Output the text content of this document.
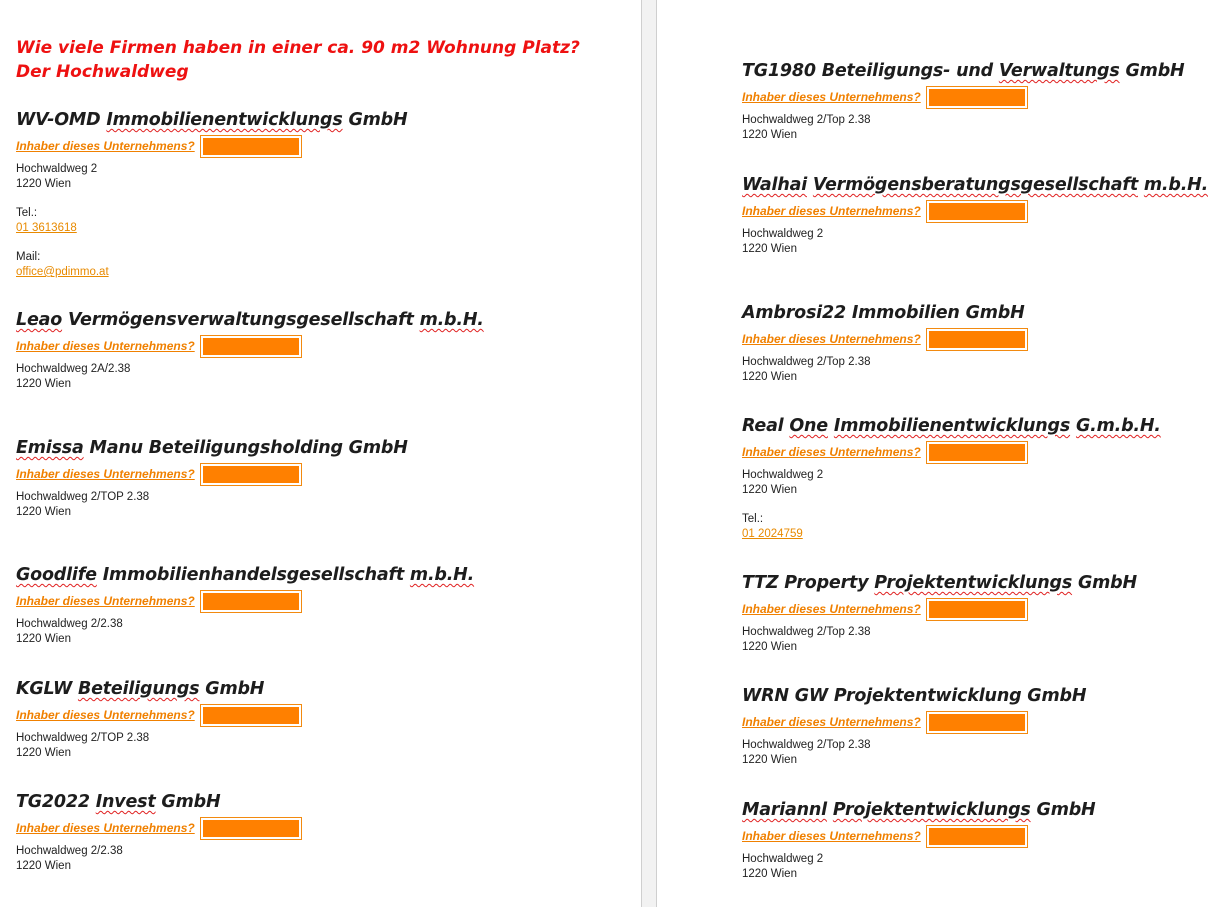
Wie viele Firmen haben in einer ca. 90 m2 Wohnung Platz?
Der Hochwaldweg
WV-OMD Immobilienentwicklungs GmbH
Inhaber dieses Unternehmens?
Hochwaldweg 2
1220 Wien
Tel.:
01 3613618
Mail:
office@pdimmo.at
Leao Vermögensverwaltungsgesellschaft m.b.H.
Inhaber dieses Unternehmens?
Hochwaldweg 2A/2.38
1220 Wien
Emissa Manu Beteiligungsholding GmbH
Inhaber dieses Unternehmens?
Hochwaldweg 2/TOP 2.38
1220 Wien
Goodlife Immobilienhandelsgesellschaft m.b.H.
Inhaber dieses Unternehmens?
Hochwaldweg 2/2.38
1220 Wien
KGLW Beteiligungs GmbH
Inhaber dieses Unternehmens?
Hochwaldweg 2/TOP 2.38
1220 Wien
TG2022 Invest GmbH
Inhaber dieses Unternehmens?
Hochwaldweg 2/2.38
1220 Wien
TG1980 Beteiligungs- und Verwaltungs GmbH
Inhaber dieses Unternehmens?
Hochwaldweg 2/Top 2.38
1220 Wien
Walhai Vermögensberatungsgesellschaft m.b.H.
Inhaber dieses Unternehmens?
Hochwaldweg 2
1220 Wien
Ambrosi22 Immobilien GmbH
Inhaber dieses Unternehmens?
Hochwaldweg 2/Top 2.38
1220 Wien
Real One Immobilienentwicklungs G.m.b.H.
Inhaber dieses Unternehmens?
Hochwaldweg 2
1220 Wien
Tel.:
01 2024759
TTZ Property Projektentwicklungs GmbH
Inhaber dieses Unternehmens?
Hochwaldweg 2/Top 2.38
1220 Wien
WRN GW Projektentwicklung GmbH
Inhaber dieses Unternehmens?
Hochwaldweg 2/Top 2.38
1220 Wien
Mariannl Projektentwicklungs GmbH
Inhaber dieses Unternehmens?
Hochwaldweg 2
1220 Wien
